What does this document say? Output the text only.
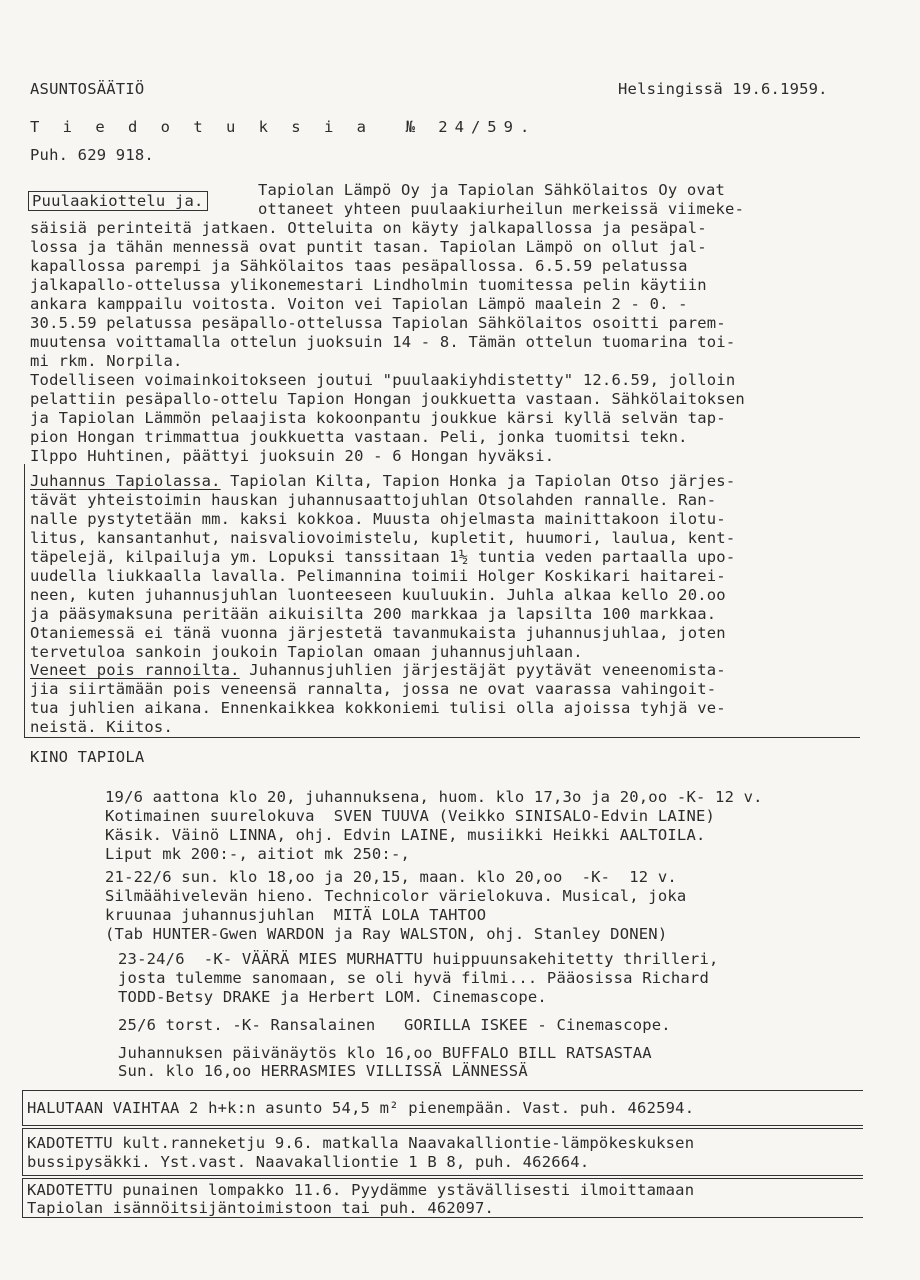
ASUNTOSÄÄTIÖ	Helsingissä 19.6.1959.
T i e d o t u k s i a  № 24/59.
Puh. 629 918.
Puulaakiottelu ja.
Tapiolan Lämpö Oy ja Tapiolan Sähkölaitos Oy ovat
ottaneet yhteen puulaakiurheilun merkeissä viimeke-
säisiä perinteitä jatkaen. Otteluita on käyty jalkapallossa ja pesäpal-
lossa ja tähän mennessä ovat puntit tasan. Tapiolan Lämpö on ollut jal-
kapallossa parempi ja Sähkölaitos taas pesäpallossa. 6.5.59 pelatussa
jalkapallo-ottelussa ylikonemestari Lindholmin tuomitessa pelin käytiin
ankara kamppailu voitosta. Voiton vei Tapiolan Lämpö maalein 2 - 0. -
30.5.59 pelatussa pesäpallo-ottelussa Tapiolan Sähkölaitos osoitti parem-
muutensa voittamalla ottelun juoksuin 14 - 8. Tämän ottelun tuomarina toi-
mi rkm. Norpila.
Todelliseen voimainkoitokseen joutui "puulaakiyhdistetty" 12.6.59, jolloin
pelattiin pesäpallo-ottelu Tapion Hongan joukkuetta vastaan. Sähkölaitoksen
ja Tapiolan Lämmön pelaajista kokoonpantu joukkue kärsi kyllä selvän tap-
pion Hongan trimmattua joukkuetta vastaan. Peli, jonka tuomitsi tekn.
Ilppo Huhtinen, päättyi juoksuin 20 - 6 Hongan hyväksi.
Juhannus Tapiolassa. Tapiolan Kilta, Tapion Honka ja Tapiolan Otso järjes-
tävät yhteistoimin hauskan juhannusaattojuhlan Otsolahden rannalle. Ran-
nalle pystytetään mm. kaksi kokkoa. Muusta ohjelmasta mainittakoon ilotu-
litus, kansantanhut, naisvaliovoimistelu, kupletit, huumori, laulua, kent-
täpelejä, kilpailuja ym. Lopuksi tanssitaan 1½ tuntia veden partaalla upo-
uudella liukkaalla lavalla. Pelimannina toimii Holger Koskikari haitarei-
neen, kuten juhannusjuhlan luonteeseen kuuluukin. Juhla alkaa kello 20.oo
ja pääsymaksuna peritään aikuisilta 200 markkaa ja lapsilta 100 markkaa.
Otaniemessä ei tänä vuonna järjestetä tavanmukaista juhannusjuhlaa, joten
tervetuloa sankoin joukoin Tapiolan omaan juhannusjuhlaan.
Veneet pois rannoilta. Juhannusjuhlien järjestäjät pyytävät veneenomista-
jia siirtämään pois veneensä rannalta, jossa ne ovat vaarassa vahingoit-
tua juhlien aikana. Ennenkaikkea kokkoniemi tulisi olla ajoissa tyhjä ve-
neistä. Kiitos.
KINO TAPIOLA
19/6 aattona klo 20, juhannuksena, huom. klo 17,3o ja 20,oo -K- 12 v.
Kotimainen suurelokuva  SVEN TUUVA (Veikko SINISALO-Edvin LAINE)
Käsik. Väinö LINNA, ohj. Edvin LAINE, musiikki Heikki AALTOILA.
Liput mk 200:-, aitiot mk 250:-,
21-22/6 sun. klo 18,oo ja 20,15, maan. klo 20,oo  -K-  12 v.
Silmäähivelevän hieno. Technicolor värielokuva. Musical, joka
kruunaa juhannusjuhlan  MITÄ LOLA TAHTOO
(Tab HUNTER-Gwen WARDON ja Ray WALSTON, ohj. Stanley DONEN)
23-24/6  -K- VÄÄRÄ MIES MURHATTU huippuunsakehitetty thrilleri,
josta tulemme sanomaan, se oli hyvä filmi... Pääosissa Richard
TODD-Betsy DRAKE ja Herbert LOM. Cinemascope.
25/6 torst. -K- Ransalainen   GORILLA ISKEE - Cinemascope.
Juhannuksen päivänäytös klo 16,oo BUFFALO BILL RATSASTAA
Sun. klo 16,oo HERRASMIES VILLISSÄ LÄNNESSÄ
HALUTAAN VAIHTAA 2 h+k:n asunto 54,5 m² pienempään. Vast. puh. 462594.
KADOTETTU kult.ranneketju 9.6. matkalla Naavakalliontie-lämpökeskuksen
bussipysäkki. Yst.vast. Naavakalliontie 1 B 8, puh. 462664.
KADOTETTU punainen lompakko 11.6. Pyydämme ystävällisesti ilmoittamaan
Tapiolan isännöitsijäntoimistoon tai puh. 462097.
